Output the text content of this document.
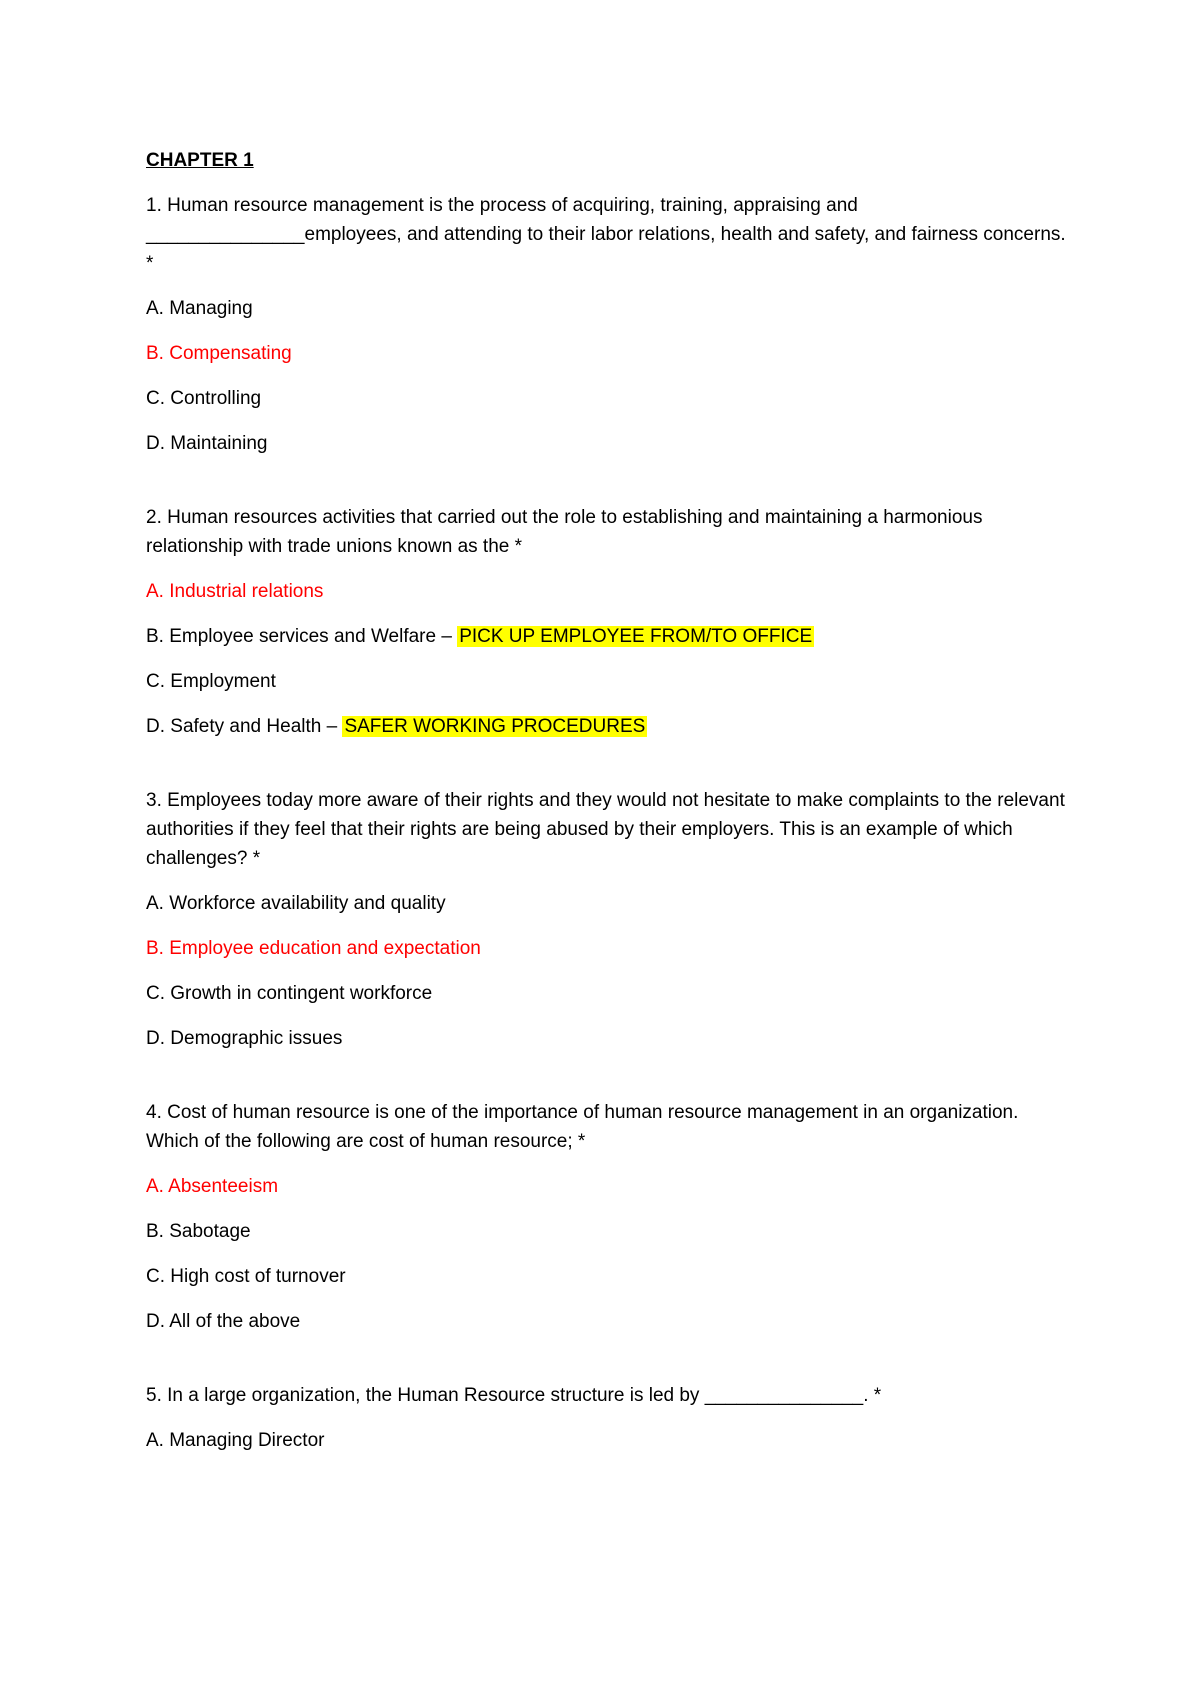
CHAPTER 1

1. Human resource management is the process of acquiring, training, appraising and _______________employees, and attending to their labor relations, health and safety, and fairness concerns. *

A. Managing
B. Compensating
C. Controlling
D. Maintaining

2. Human resources activities that carried out the role to establishing and maintaining a harmonious relationship with trade unions known as the *

A. Industrial relations
B. Employee services and Welfare – PICK UP EMPLOYEE FROM/TO OFFICE
C. Employment
D. Safety and Health – SAFER WORKING PROCEDURES

3. Employees today more aware of their rights and they would not hesitate to make complaints to the relevant authorities if they feel that their rights are being abused by their employers. This is an example of which challenges? *

A. Workforce availability and quality
B. Employee education and expectation
C. Growth in contingent workforce
D. Demographic issues

4. Cost of human resource is one of the importance of human resource management in an organization. Which of the following are cost of human resource; *

A. Absenteeism
B. Sabotage
C. High cost of turnover
D. All of the above

5. In a large organization, the Human Resource structure is led by _______________. *

A. Managing Director
